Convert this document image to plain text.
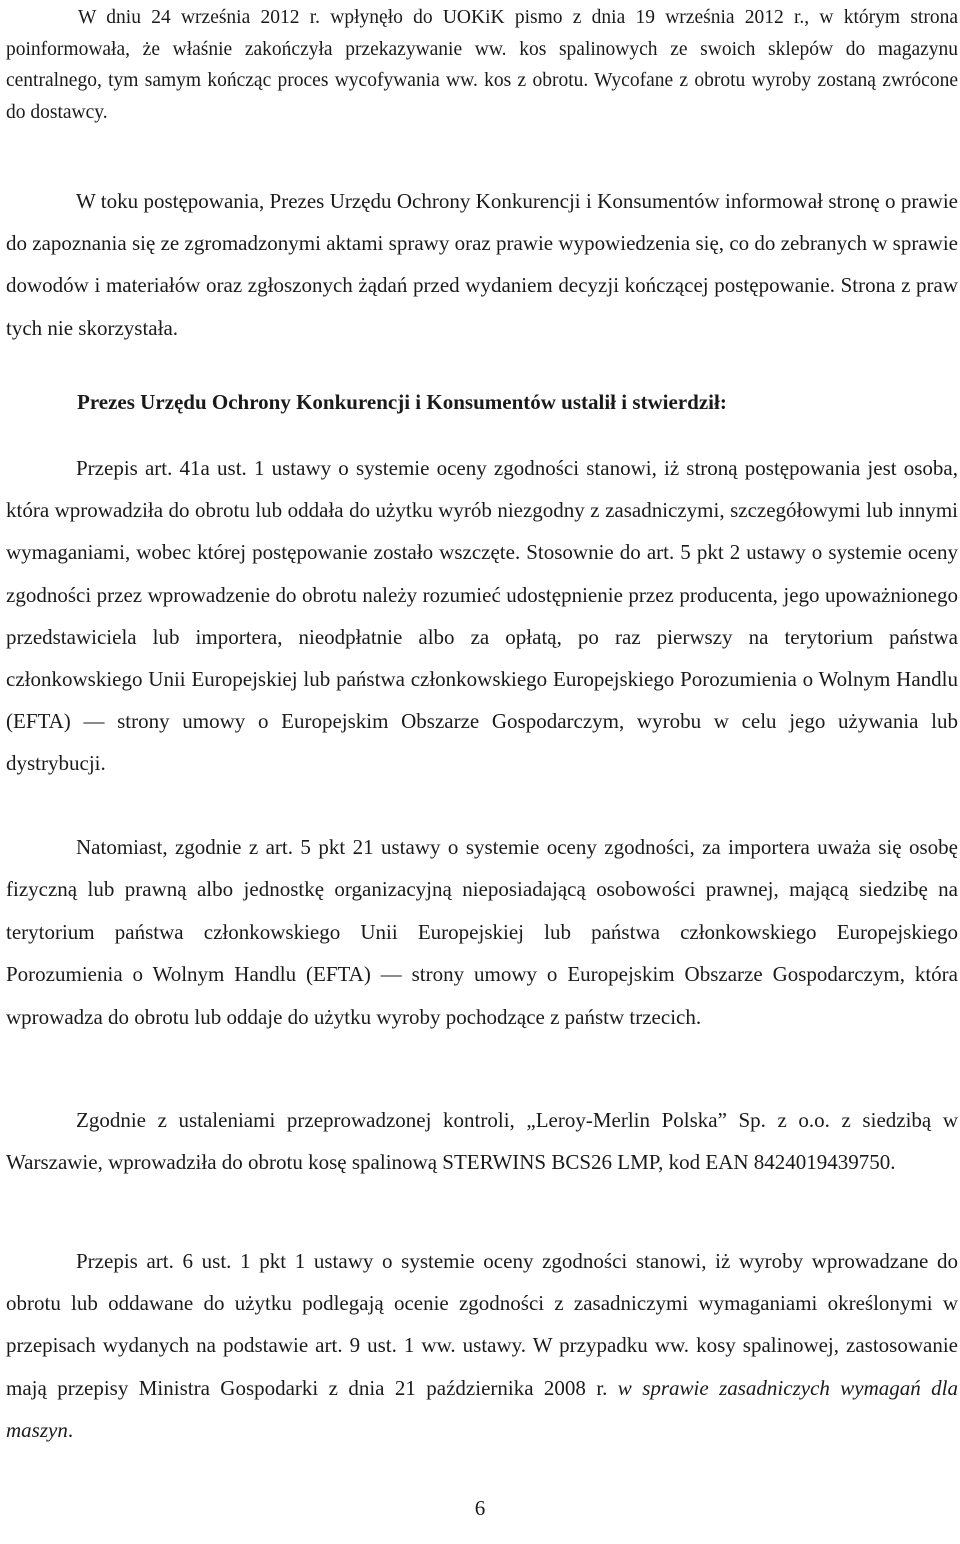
W dniu 24 września 2012 r. wpłynęło do UOKiK pismo z dnia 19 września 2012 r., w którym strona poinformowała, że właśnie zakończyła przekazywanie ww. kos spalinowych ze swoich sklepów do magazynu centralnego, tym samym kończąc proces wycofywania ww. kos z obrotu. Wycofane z obrotu wyroby zostaną zwrócone do dostawcy.

W toku postępowania, Prezes Urzędu Ochrony Konkurencji i Konsumentów informował stronę o prawie do zapoznania się ze zgromadzonymi aktami sprawy oraz prawie wypowiedzenia się, co do zebranych w sprawie dowodów i materiałów oraz zgłoszonych żądań przed wydaniem decyzji kończącej postępowanie. Strona z praw tych nie skorzystała.

Prezes Urzędu Ochrony Konkurencji i Konsumentów ustalił i stwierdził:

Przepis art. 41a ust. 1 ustawy o systemie oceny zgodności stanowi, iż stroną postępowania jest osoba, która wprowadziła do obrotu lub oddała do użytku wyrób niezgodny z zasadniczymi, szczegółowymi lub innymi wymaganiami, wobec której postępowanie zostało wszczęte. Stosownie do art. 5 pkt 2 ustawy o systemie oceny zgodności przez wprowadzenie do obrotu należy rozumieć udostępnienie przez producenta, jego upoważnionego przedstawiciela lub importera, nieodpłatnie albo za opłatą, po raz pierwszy na terytorium państwa członkowskiego Unii Europejskiej lub państwa członkowskiego Europejskiego Porozumienia o Wolnym Handlu (EFTA) ― strony umowy o Europejskim Obszarze Gospodarczym, wyrobu w celu jego używania lub dystrybucji.

Natomiast, zgodnie z art. 5 pkt 21 ustawy o systemie oceny zgodności, za importera uważa się osobę fizyczną lub prawną albo jednostkę organizacyjną nieposiadającą osobowości prawnej, mającą siedzibę na terytorium państwa członkowskiego Unii Europejskiej lub państwa członkowskiego Europejskiego Porozumienia o Wolnym Handlu (EFTA) ― strony umowy o Europejskim Obszarze Gospodarczym, która wprowadza do obrotu lub oddaje do użytku wyroby pochodzące z państw trzecich.

Zgodnie z ustaleniami przeprowadzonej kontroli, „Leroy-Merlin Polska” Sp. z o.o. z siedzibą w Warszawie, wprowadziła do obrotu kosę spalinową STERWINS BCS26 LMP, kod EAN 8424019439750.

Przepis art. 6 ust. 1 pkt 1 ustawy o systemie oceny zgodności stanowi, iż wyroby wprowadzane do obrotu lub oddawane do użytku podlegają ocenie zgodności z zasadniczymi wymaganiami określonymi w przepisach wydanych na podstawie art. 9 ust. 1 ww. ustawy. W przypadku ww. kosy spalinowej, zastosowanie mają przepisy Ministra Gospodarki z dnia 21 października 2008 r. w sprawie zasadniczych wymagań dla maszyn.

6
